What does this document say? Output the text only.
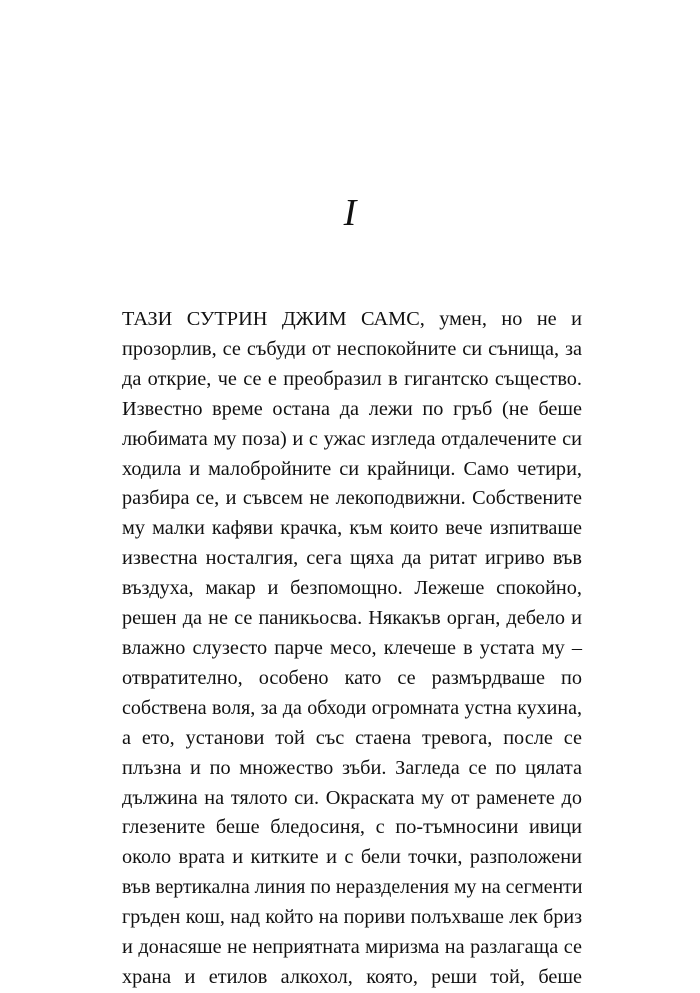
I
ТАЗИ СУТРИН ДЖИМ САМС, умен, но не и
прозорлив, се събуди от неспокойните си сънища, за
да открие, че се е преобразил в гигантско същество.
Известно време остана да лежи по гръб (не беше
любимата му поза) и с ужас изгледа отдалечените си
ходила и малобройните си крайници. Само четири,
разбира се, и съвсем не лекоподвижни. Собствените
му малки кафяви крачка, към които вече изпитваше
известна носталгия, сега щяха да ритат игриво във
въздуха, макар и безпомощно. Лежеше спокойно,
решен да не се паникьосва. Някакъв орган, дебело и
влажно слузесто парче месо, клечеше в устата му –
отвратително, особено като се размърдваше по
собствена воля, за да обходи огромната устна кухина,
а ето, установи той със стаена тревога, после се
плъзна и по множество зъби. Загледа се по цялата
дължина на тялото си. Окраската му от раменете до
глезените беше бледосиня, с по-тъмносини ивици
около врата и китките и с бели точки, разположени
във вертикална линия по неразделения му на сегменти
гръден кош, над който на пориви полъхваше лек бриз
и донасяше не неприятната миризма на разлагаща се
храна и етилов алкохол, която, реши той, беше
